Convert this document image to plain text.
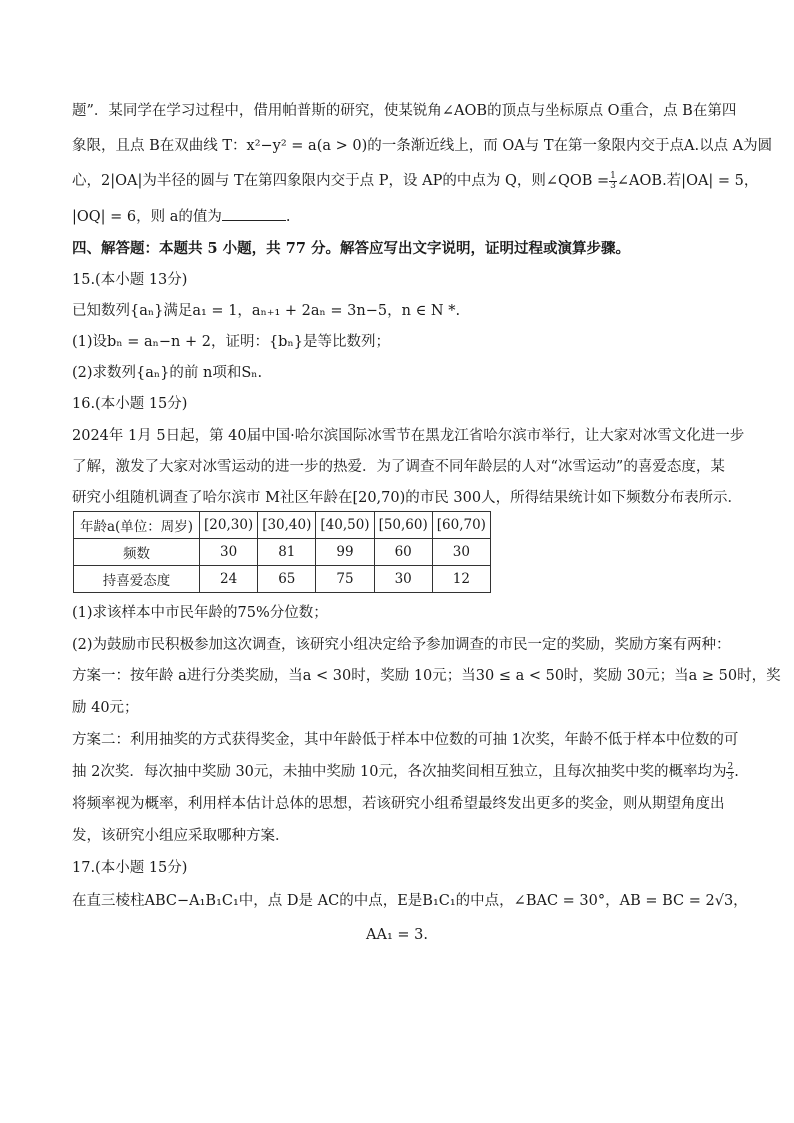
题”．某同学在学习过程中，借用帕普斯的研究，使某锐角∠AOB的顶点与坐标原点 O重合，点 B在第四
象限，且点 B在双曲线 T：x²−y² = a(a > 0)的一条渐近线上，而 OA与 T在第一象限内交于点A.以点 A为圆
心，2|OA|为半径的圆与 T在第四象限内交于点 P，设 AP的中点为 Q，则∠QOB = $\frac{1}{3}$ ∠AOB.若|OA| = 5，
|OQ| = 6，则 a的值为	.
四、解答题：本题共 5 小题，共 77 分。解答应写出文字说明，证明过程或演算步骤。
15.(本小题 13分)
已知数列{aₙ}满足a₁ = 1，aₙ₊₁ + 2aₙ = 3n−5，n ∈ N *.
(1)设bₙ = aₙ−n + 2，证明：{bₙ}是等比数列；
(2)求数列{aₙ}的前 n项和Sₙ.
16.(本小题 15分)
2024年 1月 5日起，第 40届中国·哈尔滨国际冰雪节在黑龙江省哈尔滨市举行，让大家对冰雪文化进一步
了解，激发了大家对冰雪运动的进一步的热爱．为了调查不同年龄层的人对“冰雪运动”的喜爱态度，某
研究小组随机调查了哈尔滨市 M社区年龄在[20,70)的市民 300人，所得结果统计如下频数分布表所示．
年龄a(单位：周岁)	[20,30)	[30,40)	[40,50)	[50,60)	[60,70)
频数	30	81	99	60	30
持喜爱态度	24	65	75	30	12
(1)求该样本中市民年龄的75%分位数；
(2)为鼓励市民积极参加这次调查，该研究小组决定给予参加调查的市民一定的奖励，奖励方案有两种：
方案一：按年龄 a进行分类奖励，当a < 30时，奖励 10元；当30 ≤ a < 50时，奖励 30元；当a ≥ 50时，奖
励 40元；
方案二：利用抽奖的方式获得奖金，其中年龄低于样本中位数的可抽 1次奖，年龄不低于样本中位数的可
抽 2次奖．每次抽中奖励 30元，未抽中奖励 10元，各次抽奖间相互独立，且每次抽奖中奖的概率均为 $\frac{2}{3}$ .
将频率视为概率，利用样本估计总体的思想，若该研究小组希望最终发出更多的奖金，则从期望角度出
发，该研究小组应采取哪种方案．
17.(本小题 15分)
在直三棱柱ABC−A₁B₁C₁中，点 D是 AC的中点，E是B₁C₁的中点，∠BAC = 30°，AB = BC = 2√3，
AA₁ = 3.
